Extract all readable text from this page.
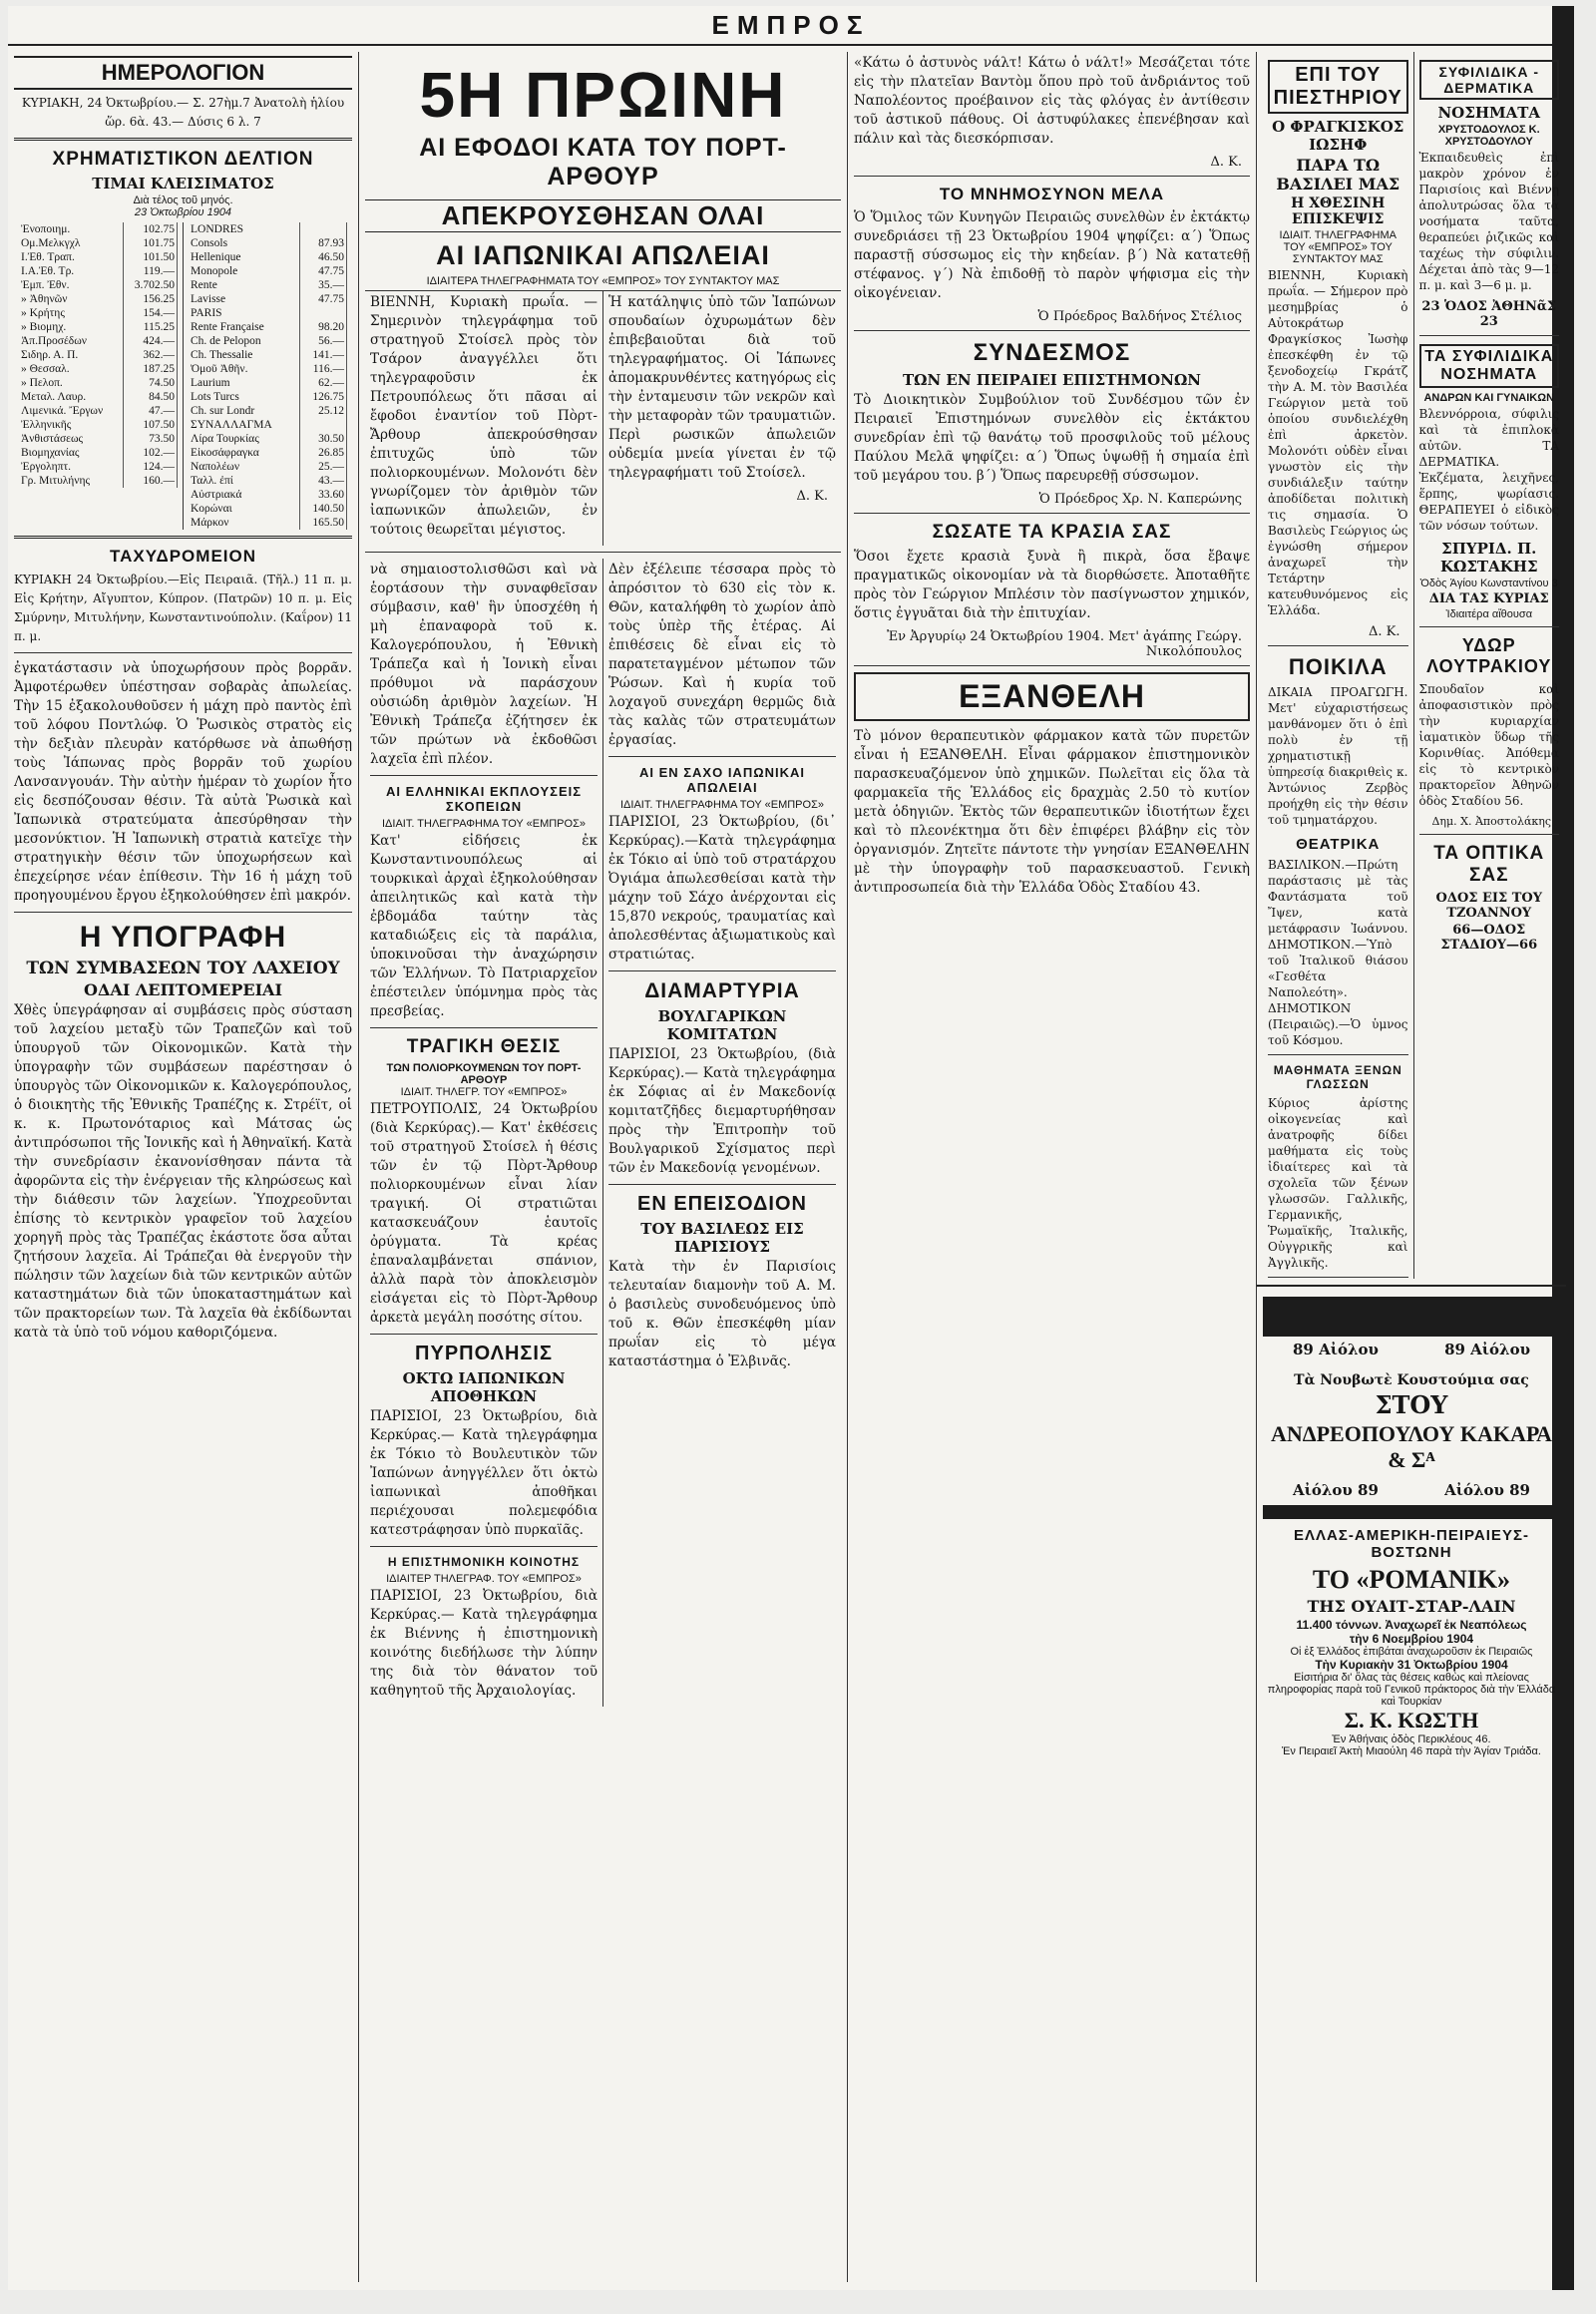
ΕΜΠΡΟΣ
ΗΜΕΡΟΛΟΓΙΟΝ
ΚΥΡΙΑΚΗ, 24 Ὀκτωβρίου.— Σ. 27ὴμ.7 Ἀνατολὴ ἡλίου ὥρ. 6ὰ. 43.— Δύσις 6 λ. 7
ΧΡΗΜΑΤΙΣΤΙΚΟΝ ΔΕΛΤΙΟΝ
ΤΙΜΑΙ ΚΛΕΙΣΙΜΑΤΟΣ
Διὰ τέλος τοῦ μηνός.
23 Ὀκτωβρίου 1904
Ἐνοποιημ.	102.75
Ομ.Μελκγχλ	101.75
Ι.Ἐθ. Τραπ.	101.50
Ι.Α.Ἐθ. Τρ.	119.—
Ἐμπ. Ἐθν.	3.702.50
» Ἀθηνῶν	156.25
» Κρήτης	154.—
» Βιομηχ.	115.25
Ἀπ.Προσέδων	424.—
Σιδηρ. Α. Π.	362.—
» Θεσσαλ.	187.25
» Πελοπ.	74.50
Μεταλ. Λαυρ.	84.50
Λιμενικά. Ἔργων	47.—
Ἐλληνικῆς	107.50
Ἀνθιστάσεως	73.50
Βιομηχανίας	102.—
Ἐργοληπτ.	124.—
Γρ. Μιτυλήνης	160.—
LONDRES	
Consols	87.93
Hellenique	46.50
Monopole	47.75
Rente	35.—
Lavisse	47.75
PARIS	
Rente Française	98.20
Ch. de Pelopon	56.—
Ch. Thessalie	141.—
Ὀμοῦ Ἀθῆν.	116.—
Laurium	62.—
Lots Turcs	126.75
Ch. sur Londr	25.12
ΣΥΝΑΛΛΑΓΜΑ	
Λίρα Τουρκίας	30.50
Εἰκοσάφραγκα	26.85
Ναπολέων	25.—
Ταλλ. ἐπί	43.—
Αὐστριακά	33.60
Κορώναι	140.50
Μάρκον	165.50
ΤΑΧΥΔΡΟΜΕΙΟΝ
ΚΥΡΙΑΚΗ 24 Ὀκτωβρίου.—Εἰς Πειραιᾶ. (Τῆλ.) 11 π. μ. Εἰς Κρήτην, Αἴγυπτον, Κύπρον. (Πατρῶν) 10 π. μ. Εἰς Σμύρνην, Μιτυλήνην, Κωνσταντινούπολιν. (Καΐρον) 11 π. μ.
ἐγκατάστασιν νὰ ὑποχωρήσουν πρὸς βορρᾶν. Ἀμφοτέρωθεν ὑπέστησαν σοβαρὰς ἀπωλείας. Τὴν 15 ἐξακολουθοῦσεν ἡ μάχη πρὸ παντὸς ἐπὶ τοῦ λόφου Ποντλώφ. Ὁ Ῥωσικὸς στρατὸς εἰς τὴν δεξιὰν πλευρὰν κατόρθωσε νὰ ἀπωθήσῃ τοὺς Ἰάπωνας πρὸς βορρᾶν τοῦ χωρίου Λανσανγουάν. Τὴν αὐτὴν ἡμέραν τὸ χωρίον ἦτο εἰς δεσπόζουσαν θέσιν. Τὰ αὐτὰ Ῥωσικὰ καὶ Ἰαπωνικὰ στρατεύματα ἀπεσύρθησαν τὴν μεσονύκτιον. Ἡ Ἰαπωνικὴ στρατιὰ κατεῖχε τὴν στρατηγικὴν θέσιν τῶν ὑποχωρήσεων καὶ ἐπεχείρησε νέαν ἐπίθεσιν. Τὴν 16 ἡ μάχη τοῦ προηγουμένου ἔργου ἐξηκολούθησεν ἐπὶ μακρόν.
Η ΥΠΟΓΡΑΦΗ
ΤΩΝ ΣΥΜΒΑΣΕΩΝ ΤΟΥ ΛΑΧΕΙΟΥ
ΟΔΑΙ ΛΕΠΤΟΜΕΡΕΙΑΙ
Χθὲς ὑπεγράφησαν αἱ συμβάσεις πρὸς σύσταση τοῦ λαχείου μεταξὺ τῶν Τραπεζῶν καὶ τοῦ ὑπουργοῦ τῶν Οἰκονομικῶν. Κατὰ τὴν ὑπογραφὴν τῶν συμβάσεων παρέστησαν ὁ ὑπουργὸς τῶν Οἰκονομικῶν κ. Καλογερόπουλος, ὁ διοικητὴς τῆς Ἐθνικῆς Τραπέζης κ. Στρέϊτ, οἱ κ. κ. Πρωτονόταριος καὶ Μάτσας ὡς ἀντιπρόσωποι τῆς Ἰονικῆς καὶ ἡ Ἀθηναϊκή. Κατὰ τὴν συνεδρίασιν ἐκανονίσθησαν πάντα τὰ ἀφορῶντα εἰς τὴν ἐνέργειαν τῆς κληρώσεως καὶ τὴν διάθεσιν τῶν λαχείων. Ὑποχρεοῦνται ἐπίσης τὸ κεντρικὸν γραφεῖον τοῦ λαχείου χορηγῆ πρὸς τὰς Τραπέζας ἐκάστοτε ὅσα αὗται ζητήσουν λαχεῖα. Αἱ Τράπεζαι θὰ ἐνεργοῦν τὴν πώλησιν τῶν λαχείων διὰ τῶν κεντρικῶν αὐτῶν καταστημάτων διὰ τῶν ὑποκαταστημάτων καὶ τῶν πρακτορείων των. Τὰ λαχεῖα θὰ ἐκδίδωνται κατὰ τὰ ὑπὸ τοῦ νόμου καθοριζόμενα.
5Η ΠΡΩΙΝΗ
ΑΙ ΕΦΟΔΟΙ ΚΑΤΑ ΤΟΥ ΠΟΡΤ-ΑΡΘΟΥΡ
ΑΠΕΚΡΟΥΣΘΗΣΑΝ ΟΛΑΙ
ΑΙ ΙΑΠΩΝΙΚΑΙ ΑΠΩΛΕΙΑΙ
ΙΔΙΑΙΤΕΡΑ ΤΗΛΕΓΡΑΦΗΜΑΤΑ ΤΟΥ «ΕΜΠΡΟΣ» ΤΟΥ ΣΥΝΤΑΚΤΟΥ ΜΑΣ
ΒΙΕΝΝΗ, Κυριακὴ πρωΐα. — Σημερινὸν τηλεγράφημα τοῦ στρατηγοῦ Στοίσελ πρὸς τὸν Τσάρον ἀναγγέλλει ὅτι τηλεγραφοῦσιν ἐκ Πετρουπόλεως ὅτι πᾶσαι αἱ ἔφοδοι ἐναντίον τοῦ Πὸρτ-Ἄρθουρ ἀπεκρούσθησαν ἐπιτυχῶς ὑπὸ τῶν πολιορκουμένων. Μολονότι δὲν γνωρίζομεν τὸν ἀριθμὸν τῶν ἰαπωνικῶν ἀπωλειῶν, ἐν τούτοις θεωρεῖται μέγιστος.
Ἡ κατάληψις ὑπὸ τῶν Ἰαπώνων σπουδαίων ὀχυρωμάτων δὲν ἐπιβεβαιοῦται διὰ τοῦ τηλεγραφήματος. Οἱ Ἰάπωνες ἀπομακρυνθέντες κατηγόρως εἰς τὴν ἐνταμευσιν τῶν νεκρῶν καὶ τὴν μεταφορὰν τῶν τραυματιῶν. Περὶ ρωσικῶν ἀπωλειῶν οὐδεμία μνεία γίνεται ἐν τῷ τηλεγραφήματι τοῦ Στοίσελ.
Δ. Κ.
νὰ σημαιοστολισθῶσι καὶ νὰ ἑορτάσουν τὴν συναφθεῖσαν σύμβασιν, καθ' ἣν ὑποσχέθη ἡ μὴ ἐπαναφορὰ τοῦ κ. Καλογερόπουλου, ἡ Ἐθνικὴ Τράπεζα καὶ ἡ Ἰονικὴ εἶναι πρόθυμοι νὰ παράσχουν οὐσιώδη ἀριθμὸν λαχείων. Ἡ Ἐθνικὴ Τράπεζα ἐζήτησεν ἐκ τῶν πρώτων νὰ ἐκδοθῶσι λαχεῖα ἐπὶ πλέον.
ΑΙ ΕΛΛΗΝΙΚΑΙ ΕΚΠΛΟΥΣΕΙΣ ΣΚΟΠΕΙΩΝ
ΙΔΙΑΙΤ. ΤΗΛΕΓΡΑΦΗΜΑ ΤΟΥ «ΕΜΠΡΟΣ»
Κατ' εἰδήσεις ἐκ Κωνσταντινουπόλεως αἱ τουρκικαὶ ἀρχαὶ ἐξηκολούθησαν ἀπειλητικῶς καὶ κατὰ τὴν ἐβδομάδα ταύτην τὰς καταδιώξεις εἰς τὰ παράλια, ὑποκινοῦσαι τὴν ἀναχώρησιν τῶν Ἑλλήνων. Τὸ Πατριαρχεῖον ἐπέστειλεν ὑπόμνημα πρὸς τὰς πρεσβείας.
ΤΡΑΓΙΚΗ ΘΕΣΙΣ
ΤΩΝ ΠΟΛΙΟΡΚΟΥΜΕΝΩΝ ΤΟΥ ΠΟΡΤ-ΑΡΘΟΥΡ
ΙΔΙΑΙΤ. ΤΗΛΕΓΡ. ΤΟΥ «ΕΜΠΡΟΣ»
ΠΕΤΡΟΥΠΟΛΙΣ, 24 Ὀκτωβρίου (διὰ Κερκύρας).— Κατ' ἐκθέσεις τοῦ στρατηγοῦ Στοίσελ ἡ θέσις τῶν ἐν τῷ Πὸρτ-Ἄρθουρ πολιορκουμένων εἶναι λίαν τραγική. Οἱ στρατιῶται κατασκευάζουν ἑαυτοῖς ὀρύγματα. Τὰ κρέας ἐπαναλαμβάνεται σπάνιον, ἀλλὰ παρὰ τὸν ἀποκλεισμὸν εἰσάγεται εἰς τὸ Πὸρτ-Ἄρθουρ ἀρκετὰ μεγάλη ποσότης σίτου.
ΠΥΡΠΟΛΗΣΙΣ
ΟΚΤΩ ΙΑΠΩΝΙΚΩΝ ΑΠΟΘΗΚΩΝ
ΠΑΡΙΣΙΟΙ, 23 Ὀκτωβρίου, διὰ Κερκύρας.— Κατὰ τηλεγράφημα ἐκ Τόκιο τὸ Βουλευτικὸν τῶν Ἰαπώνων ἀνηγγέλλεν ὅτι ὀκτὼ ἰαπωνικαὶ ἀποθῆκαι περιέχουσαι πολεμεφόδια κατεστράφησαν ὑπὸ πυρκαϊᾶς.
Η ΕΠΙΣΤΗΜΟΝΙΚΗ ΚΟΙΝΟΤΗΣ
ΙΔΙΑΙΤΕΡ ΤΗΛΕΓΡΑΦ. ΤΟΥ «ΕΜΠΡΟΣ»
ΠΑΡΙΣΙΟΙ, 23 Ὀκτωβρίου, διὰ Κερκύρας.— Κατὰ τηλεγράφημα ἐκ Βιέννης ἡ ἐπιστημονικὴ κοινότης διεδήλωσε τὴν λύπην της διὰ τὸν θάνατον τοῦ καθηγητοῦ τῆς Ἀρχαιολογίας.
Δὲν ἐξέλειπε τέσσαρα πρὸς τὸ ἀπρόσιτον τὸ 630 εἰς τὸν κ. Θῶν, καταλήφθη τὸ χωρίον ἀπὸ τοὺς ὑπὲρ τῆς ἐτέρας. Αἱ ἐπιθέσεις δὲ εἶναι εἰς τὸ παρατεταγμένον μέτωπον τῶν Ῥώσων. Καὶ ἡ κυρία τοῦ λοχαγοῦ συνεχάρη θερμῶς διὰ τὰς καλὰς τῶν στρατευμάτων ἐργασίας.
ΑΙ ΕΝ ΣΑΧΟ ΙΑΠΩΝΙΚΑΙ ΑΠΩΛΕΙΑΙ
ΙΔΙΑΙΤ. ΤΗΛΕΓΡΑΦΗΜΑ ΤΟΥ «ΕΜΠΡΟΣ»
ΠΑΡΙΣΙΟΙ, 23 Ὀκτωβρίου, (δι᾽ Κερκύρας).—Κατὰ τηλεγράφημα ἐκ Τόκιο αἱ ὑπὸ τοῦ στρατάρχου Ὀγιάμα ἀπωλεσθείσαι κατὰ τὴν μάχην τοῦ Σάχο ἀνέρχονται εἰς 15,870 νεκρούς, τραυματίας καὶ ἀπολεσθέντας ἀξιωματικοὺς καὶ στρατιώτας.
ΔΙΑΜΑΡΤΥΡΙΑ
ΒΟΥΛΓΑΡΙΚΩΝ ΚΟΜΙΤΑΤΩΝ
ΠΑΡΙΣΙΟΙ, 23 Ὀκτωβρίου, (διὰ Κερκύρας).— Κατὰ τηλεγράφημα ἐκ Σόφιας αἱ ἐν Μακεδονίᾳ κομιτατζῆδες διεμαρτυρήθησαν πρὸς τὴν Ἐπιτροπὴν τοῦ Βουλγαρικοῦ Σχίσματος περὶ τῶν ἐν Μακεδονίᾳ γενομένων.
ΕΝ ΕΠΕΙΣΟΔΙΟΝ
ΤΟΥ ΒΑΣΙΛΕΩΣ ΕΙΣ ΠΑΡΙΣΙΟΥΣ
Κατὰ τὴν ἐν Παρισίοις τελευταίαν διαμονὴν τοῦ Α. Μ. ὁ βασιλεὺς συνοδευόμενος ὑπὸ τοῦ κ. Θῶν ἐπεσκέφθη μίαν πρωΐαν εἰς τὸ μέγα καταστάστημα ὁ Ἐλβινᾶς.
«Κάτω ὁ ἀστυνὸς νάλτ! Κάτω ὁ νάλτ!» Μεσάζεται τότε εἰς τὴν πλατεῖαν Βαντὸμ ὅπου πρὸ τοῦ ἀνδριάντος τοῦ Ναπολέοντος προέβαινον εἰς τὰς φλόγας ἐν ἀντίθεσιν τοῦ ἀστικοῦ πάθους. Οἱ ἀστυφύλακες ἐπενέβησαν καὶ πάλιν καὶ τὰς διεσκόρπισαν.
Δ. Κ.
ΤΟ ΜΝΗΜΟΣΥΝΟΝ ΜΕΛΑ
Ὁ Ὅμιλος τῶν Κυνηγῶν Πειραιῶς συνελθὼν ἐν ἐκτάκτῳ συνεδριάσει τῇ 23 Ὀκτωβρίου 1904 ψηφίζει: α΄) Ὅπως παραστῇ σύσσωμος εἰς τὴν κηδείαν. β΄) Νὰ κατατεθῇ στέφανος. γ΄) Νὰ ἐπιδοθῇ τὸ παρὸν ψήφισμα εἰς τὴν οἰκογένειαν.
Ὁ Πρόεδρος Βαλδήνος Στέλιος
ΣΥΝΔΕΣΜΟΣ
ΤΩΝ ΕΝ ΠΕΙΡΑΙΕΙ ΕΠΙΣΤΗΜΟΝΩΝ
Τὸ Διοικητικὸν Συμβούλιον τοῦ Συνδέσμου τῶν ἐν Πειραιεῖ Ἐπιστημόνων συνελθὸν εἰς ἐκτάκτου συνεδρίαν ἐπὶ τῷ θανάτῳ τοῦ προσφιλοῦς τοῦ μέλους Παύλου Μελᾶ ψηφίζει: α΄) Ὅπως ὑψωθῇ ἡ σημαία ἐπὶ τοῦ μεγάρου του. β΄) Ὅπως παρευρεθῇ σύσσωμον.
Ὁ Πρόεδρος Χρ. Ν. Καπερώνης
ΣΩΣΑΤΕ ΤΑ ΚΡΑΣΙΑ ΣΑΣ
Ὅσοι ἔχετε κρασιὰ ξυνὰ ἢ πικρὰ, ὅσα ἔβαψε πραγματικῶς οἰκονομίαν νὰ τὰ διορθώσετε. Ἀποταθῆτε πρὸς τὸν Γεώργιον Μπλέσιν τὸν πασίγνωστον χημικόν, ὅστις ἐγγυᾶται διὰ τὴν ἐπιτυχίαν.
Ἐν Ἀργυρίῳ 24 Ὀκτωβρίου 1904. Μετ' ἀγάπης Γεώργ. Νικολόπουλος
ΕΞΑΝΘΕΛΗ
Τὸ μόνον θεραπευτικὸν φάρμακον κατὰ τῶν πυρετῶν εἶναι ἡ ΕΞΑΝΘΕΛΗ. Εἶναι φάρμακον ἐπιστημονικὸν παρασκευαζόμενον ὑπὸ χημικῶν. Πωλεῖται εἰς ὅλα τὰ φαρμακεῖα τῆς Ἑλλάδος εἰς δραχμὰς 2.50 τὸ κυτίον μετὰ ὁδηγιῶν. Ἐκτὸς τῶν θεραπευτικῶν ἰδιοτήτων ἔχει καὶ τὸ πλεονέκτημα ὅτι δὲν ἐπιφέρει βλάβην εἰς τὸν ὀργανισμόν. Ζητεῖτε πάντοτε τὴν γνησίαν ΕΞΑΝΘΕΛΗΝ μὲ τὴν ὑπογραφὴν τοῦ παρασκευαστοῦ. Γενικὴ ἀντιπροσωπεία διὰ τὴν Ἑλλάδα Ὁδὸς Σταδίου 43.
ΕΠΙ ΤΟΥ ΠΙΕΣΤΗΡΙΟΥ
Ο ΦΡΑΓΚΙΣΚΟΣ ΙΩΣΗΦ
ΠΑΡΑ ΤΩ ΒΑΣΙΛΕΙ ΜΑΣ
Η ΧΘΕΣΙΝΗ ΕΠΙΣΚΕΨΙΣ
ΙΔΙΑΙΤ. ΤΗΛΕΓΡΑΦΗΜΑ ΤΟΥ «ΕΜΠΡΟΣ» ΤΟΥ ΣΥΝΤΑΚΤΟΥ ΜΑΣ
ΒΙΕΝΝΗ, Κυριακὴ πρωΐα. — Σήμερον πρὸ μεσημβρίας ὁ Αὐτοκράτωρ Φραγκίσκος Ἰωσὴφ ἐπεσκέφθη ἐν τῷ ξενοδοχείῳ Γκράτζ τὴν Α. Μ. τὸν Βασιλέα Γεώργιον μετὰ τοῦ ὁποίου συνδιελέχθη ἐπὶ ἀρκετὸν. Μολονότι οὐδὲν εἶναι γνωστὸν εἰς τὴν συνδιάλεξιν ταύτην ἀποδίδεται πολιτικὴ τις σημασία. Ὁ Βασιλεὺς Γεώργιος ὡς ἐγνώσθη σήμερον ἀναχωρεῖ τὴν Τετάρτην κατευθυνόμενος εἰς Ἑλλάδα.
Δ. Κ.
ΠΟΙΚΙΛΑ
ΔΙΚΑΙΑ ΠΡΟΑΓΩΓΗ. Μετ' εὐχαριστήσεως μανθάνομεν ὅτι ὁ ἐπὶ πολὺ ἐν τῇ χρηματιστικῇ ὑπηρεσίᾳ διακριθεὶς κ. Ἀντώνιος Ζερβὸς προήχθη εἰς τὴν θέσιν τοῦ τμηματάρχου.
ΘΕΑΤΡΙΚΑ
ΒΑΣΙΛΙΚΟΝ.—Πρώτη παράστασις μὲ τὰς Φαντάσματα τοῦ Ἴψεν, κατὰ μετάφρασιν Ἰωάννου. ΔΗΜΟΤΙΚΟΝ.—Ὑπὸ τοῦ Ἰταλικοῦ θιάσου «Γεσθέτα Ναπολεότη». ΔΗΜΟΤΙΚΟΝ (Πειραιῶς).—Ὁ ὑμνος τοῦ Κόσμου.
ΜΑΘΗΜΑΤΑ ΞΕΝΩΝ ΓΛΩΣΣΩΝ
Κύριος ἀρίστης οἰκογενείας καὶ ἀνατροφῆς δίδει μαθήματα εἰς τοὺς ἰδιαίτερες καὶ τὰ σχολεῖα τῶν ξένων γλωσσῶν. Γαλλικῆς, Γερμανικῆς, Ῥωμαϊκῆς, Ἰταλικῆς, Οὐγγρικῆς καὶ Ἀγγλικῆς.
ΣΥΦΙΛΙΔΙΚΑ - ΔΕΡΜΑΤΙΚΑ
ΝΟΣΗΜΑΤΑ
ΧΡΥΣΤΟΔΟΥΛΟΣ Κ. ΧΡΥΣΤΟΔΟΥΛΟΥ
Ἐκπαιδευθεὶς ἐπὶ μακρὸν χρόνον ἐν Παρισίοις καὶ Βιέννῃ ἀπολυτρώσας ὅλα τὰ νοσήματα ταῦτα, θεραπεύει ῥιζικῶς καὶ ταχέως τὴν σύφιλιν. Δέχεται ἀπὸ τὰς 9—12 π. μ. καὶ 3—6 μ. μ.
23 ὉΔΟΣ ἈΘΗΝᾶΣ 23
ΤΑ ΣΥΦΙΛΙΔΙΚΑ ΝΟΣΗΜΑΤΑ
ΑΝΔΡΩΝ ΚΑΙ ΓΥΝΑΙΚΩΝ
Βλεννόρροια, σύφιλις καὶ τὰ ἐπιπλοκὰ αὐτῶν. ΤΑ ΔΕΡΜΑΤΙΚΑ. Ἐκζέματα, λειχῆνες, ἕρπης, ψωρίασις. ΘΕΡΑΠΕΥΕΙ ὁ εἰδικὸς τῶν νόσων τούτων.
ΣΠΥΡΙΔ. Π. ΚΩΣΤΑΚΗΣ
Ὁδὸς Ἁγίου Κωνσταντίνου 3
ΔΙΑ ΤΑΣ ΚΥΡΙΑΣ
Ἰδιαιτέρα αἴθουσα
ΥΔΩΡ ΛΟΥΤΡΑΚΙΟΥ
Σπουδαῖον καὶ ἀποφασιστικὸν πρὸς τὴν κυριαρχίαν ἰαματικὸν ὕδωρ τῆς Κορινθίας. Ἀπόθεμα εἰς τὸ κεντρικὸν πρακτορεῖον Ἀθηνῶν ὁδὸς Σταδίου 56.
Δημ. Χ. Ἀποστολάκης
ΤΑ ΟΠΤΙΚΑ ΣΑΣ
ΟΔΟΣ ΕΙΣ ΤΟΥ ΤΖΟΑΝΝΟΥ
66—ΟΔΟΣ ΣΤΑΔΙΟΥ—66
89 Αἰόλου	89 Αἰόλου
Τὰ Νουβωτὲ Κουστούμια σας
ΣΤΟΥ
ΑΝΔΡΕΟΠΟΥΛΟΥ ΚΑΚΑΡΑ & Σᴬ
Αἰόλου 89	Αἰόλου 89
ΕΛΛΑΣ-ΑΜΕΡΙΚΗ-ΠΕΙΡΑΙΕΥΣ-ΒΟΣΤΩΝΗ
ΤΟ «ΡΟΜΑΝΙΚ»
ΤΗΣ ΟΥΑΙΤ-ΣΤΑΡ-ΛΑΙΝ
11.400 τόννων. Ἀναχωρεῖ ἐκ Νεαπόλεως
τὴν 6 Νοεμβρίου 1904
Οἱ ἐξ Ἑλλάδος ἐπιβάται ἀναχωροῦσιν ἐκ Πειραιῶς
Τὴν Κυριακὴν 31 Ὀκτωβρίου 1904
Εἰσιτήρια δι' ὅλας τὰς θέσεις καθὼς καὶ πλείονας πληροφορίας παρὰ τοῦ Γενικοῦ πράκτορος διὰ τὴν Ἑλλάδα καὶ Τουρκίαν
Σ. Κ. ΚΩΣΤΗ
Ἐν Ἀθήναις ὁδὸς Περικλέους 46.
Ἐν Πειραιεῖ Ἀκτὴ Μιαούλη 46 παρὰ τὴν Ἁγίαν Τριάδα.
